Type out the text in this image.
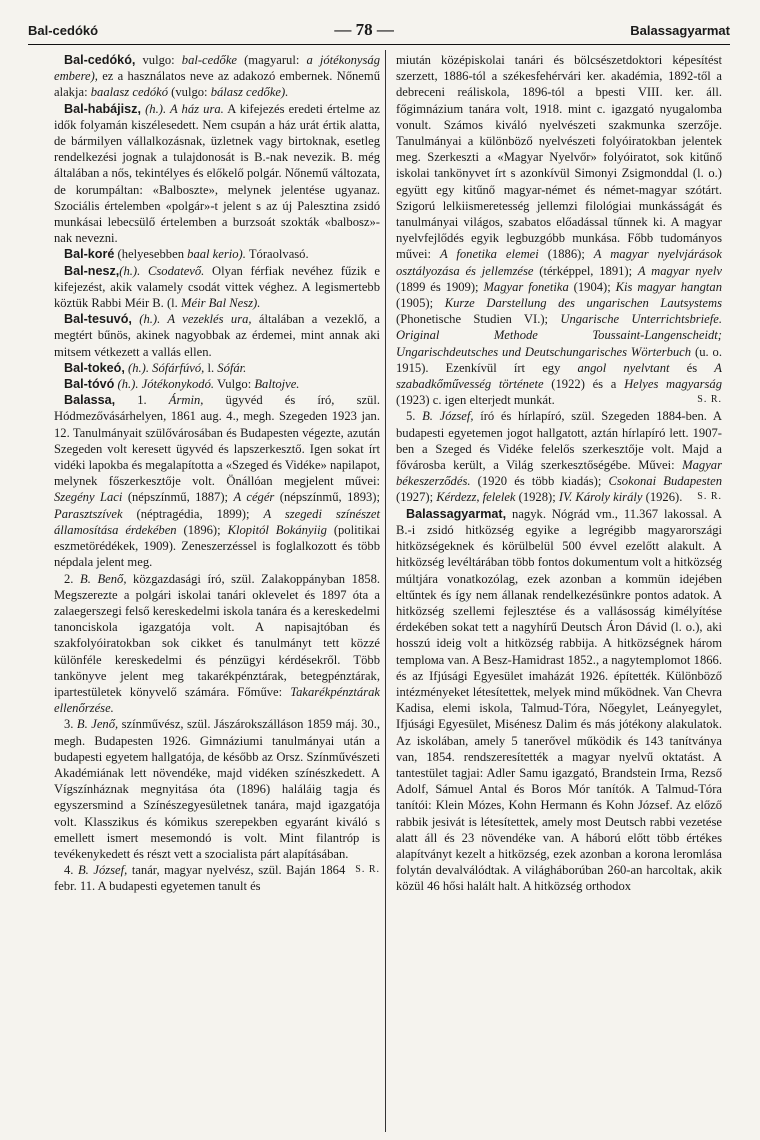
Bal-cedókó	— 78 —	Balassagyarmat

Bal-cedókó, vulgo: bal-cedőke (magyarul: a jótékonyság embere), ez a használatos neve az adakozó embernek. Nőnemű alakja: baalasz cedókó (vulgo: bálasz cedőke).

Bal-habájisz, (h.). A ház ura. A kifejezés eredeti értelme az idők folyamán kiszélesedett. Nem csupán a ház urát értik alatta, de bármilyen vállalkozásnak, üzletnek vagy birtoknak, esetleg rendelkezési jognak a tulajdonosát is B.-nak nevezik. B. még általában a nős, tekintélyes és előkelő polgár. Nőnemű változata, de korumpáltan: «Balboszte», melynek jelentése ugyanaz. Szociális értelemben «polgár»-t jelent s az új Palesztina zsidó munkásai lebecsülő értelemben a burzsoát szokták «balbosz»-nak nevezni.

Bal-koré (helyesebben baal kerio). Tóraolvasó.

Bal-nesz,(h.). Csodatevő. Olyan férfiak nevéhez fűzik e kifejezést, akik valamely csodát vittek véghez. A legismertebb köztük Rabbi Méir B. (l. Méir Bal Nesz).

Bal-tesuvó, (h.). A vezeklés ura, általában a vezeklő, a megtért bűnös, akinek nagyobbak az érdemei, mint annak aki mitsem vétkezett a vallás ellen.

Bal-tokeó, (h.). Sófárfúvó, l. Sófár.

Bal-tóvó (h.). Jótékonykodó. Vulgo: Baltojve.

Balassa, 1. Ármin, ügyvéd és író, szül. Hódmezővásárhelyen, 1861 aug. 4., megh. Szegeden 1923 jan. 12. Tanulmányait szülővárosában és Budapesten végezte, azután Szegeden volt keresett ügyvéd és lapszerkesztő. Igen sokat írt vidéki lapokba és megalapította a «Szeged és Vidéke» napilapot, melynek főszerkesztője volt. Önállóan megjelent művei: Szegény Laci (népszínmű, 1887); A cégér (népszínmű, 1893); Parasztszívek (néptragédia, 1899); A szegedi színészet államosítása érdekében (1896); Klopitól Bokányiig (politikai eszmetörédékek, 1909). Zeneszerzéssel is foglalkozott és több népdala jelent meg.

2. B. Benő, közgazdasági író, szül. Zalakoppányban 1858. Megszerezte a polgári iskolai tanári oklevelet és 1897 óta a zalaegerszegi felső kereskedelmi iskola tanára és a kereskedelmi tanonciskola igazgatója volt. A napisajtóban és szakfolyóiratokban sok cikket és tanulmányt tett közzé különféle kereskedelmi és pénzügyi kérdésekről. Több tankönyve jelent meg takarékpénztárak, betegpénztárak, ipartestületek könyvelő számára. Főműve: Takarékpénztárak ellenőrzése.

3. B. Jenő, színművész, szül. Jászárokszálláson 1859 máj. 30., megh. Budapesten 1926. Gimnáziumi tanulmányai után a budapesti egyetem hallgatója, de később az Orsz. Színművészeti Akadémiának lett növendéke, majd vidéken színészkedett. A Vígszínháznak megnyitása óta (1896) haláláig tagja és egyszersmind a Színészegyesületnek tanára, majd igazgatója volt. Klasszikus és kómikus szerepekben egyaránt kiváló s emellett ismert mesemondó is volt. Mint filantróp is tevékenykedett és részt vett a szocialista párt alapításában.
S. R.

4. B. József, tanár, magyar nyelvész, szül. Baján 1864 febr. 11. A budapesti egyetemen tanult és

miután középiskolai tanári és bölcsészetdoktori képesítést szerzett, 1886-tól a székesfehérvári ker. akadémia, 1892-től a debreceni reáliskola, 1896-tól a bpesti VIII. ker. áll. főgimnázium tanára volt, 1918. mint c. igazgató nyugalomba vonult. Számos kiváló nyelvészeti szakmunka szerzője. Tanulmányai a különböző nyelvészeti folyóiratokban jelentek meg. Szerkeszti a «Magyar Nyelvőr» folyóiratot, sok kitűnő iskolai tankönyvet írt s azonkívül Simonyi Zsigmonddal (l. o.) együtt egy kitűnő magyar-német és német-magyar szótárt. Szigorú lelkiismeretesség jellemzi filológiai munkásságát és tanulmányai világos, szabatos előadással tűnnek ki. A magyar nyelvfejlődés egyik legbuzgóbb munkása. Főbb tudományos művei: A fonetika elemei (1886); A magyar nyelvjárások osztályozása és jellemzése (térképpel, 1891); A magyar nyelv (1899 és 1909); Magyar fonetika (1904); Kis magyar hangtan (1905); Kurze Darstellung des ungarischen Lautsystems (Phonetische Studien VI.); Ungarische Unterrichtsbriefe. Original Methode Toussaint-Langenscheidt; Ungarischdeutsches und Deutschungarisches Wörterbuch (u. o. 1915). Ezenkívül írt egy angol nyelvtant és A szabadkőművesség története (1922) és a Helyes magyarság (1923) c. igen elterjedt munkát.	S. R.

5. B. József, író és hírlapíró, szül. Szegeden 1884-ben. A budapesti egyetemen jogot hallgatott, aztán hírlapíró lett. 1907-ben a Szeged és Vidéke felelős szerkesztője volt. Majd a fővárosba került, a Világ szerkesztőségébe. Művei: Magyar békeszerződés. (1920 és több kiadás); Csokonai Budapesten (1927); Kérdezz, felelek (1928); IV. Károly király (1926).	S. R.

Balassagyarmat, nagyk. Nógrád vm., 11.367 lakossal. A B.-i zsidó hitközség egyike a legrégibb magyarországi hitközségeknek és körülbelül 500 évvel ezelőtt alakult. A hitközség levéltárában több fontos dokumentum volt a hitközség múltjára vonatkozólag, ezek azonban a kommün idejében eltűntek és így nem állanak rendelkezésünkre pontos adatok. A hitközség szellemi fejlesztése és a vallásosság kimélyítése érdekében sokat tett a nagyhírű Deutsch Áron Dávid (l. o.), aki hosszú ideig volt a hitközség rabbija. A hitközségnek három templома van. A Besz-Hamidrast 1852., a nagytemplomot 1866. és az Ifjúsági Egyesület imaházát 1926. építették. Különböző intézményeket létesítettek, melyek mind működnek. Van Chevra Kadisa, elemi iskola, Talmud-Tóra, Nőegylet, Leányegylet, Ifjúsági Egyesület, Misénesz Dalim és más jótékony alakulatok. Az iskolában, amely 5 tanerővel működik és 143 tanítványa van, 1854. rendszeresítették a magyar nyelvű oktatást. A tantestület tagjai: Adler Samu igazgató, Brandstein Irma, Rezső Adolf, Sámuel Antal és Boros Mór tanítók. A Talmud-Tóra tanítói: Klein Mózes, Kohn Hermann és Kohn József. Az előző rabbik jesivát is létesítettek, amely most Deutsch rabbi vezetése alatt áll és 23 növendéke van. A háború előtt több értékes alapítványt kezelt a hitközség, ezek azonban a korona leromlása folytán devalválódtak. A világháborúban 260-an harcoltak, akik közül 46 hősi halált halt. A hitközség orthodox
